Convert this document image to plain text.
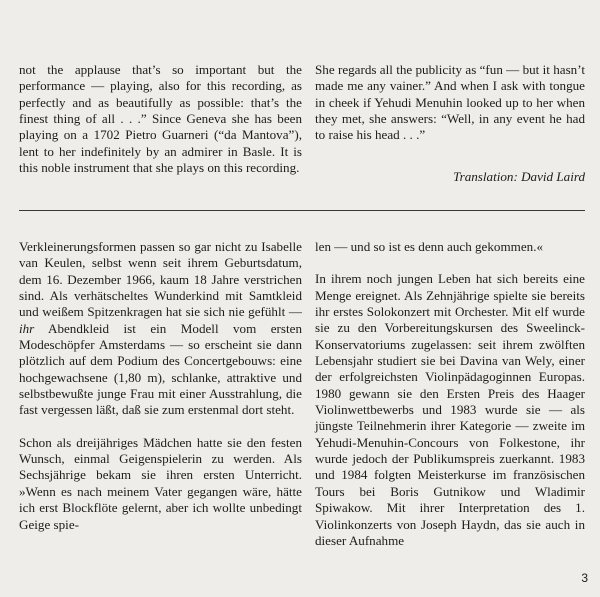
not the applause that’s so important but the performance — playing, also for this recording, as perfectly and as beautifully as possible: that’s the finest thing of all . . .” Since Geneva she has been playing on a 1702 Pietro Guarneri (“da Mantova”), lent to her indefinitely by an admirer in Basle. It is this noble instrument that she plays on this recording.

She regards all the publicity as “fun — but it hasn’t made me any vainer.” And when I ask with tongue in cheek if Yehudi Menuhin looked up to her when they met, she answers: “Well, in any event he had to raise his head . . .”

Translation: David Laird

Verkleinerungsformen passen so gar nicht zu Isabelle van Keulen, selbst wenn seit ihrem Geburtsdatum, dem 16. Dezember 1966, kaum 18 Jahre verstrichen sind. Als verhätscheltes Wunderkind mit Samtkleid und weißem Spitzenkragen hat sie sich nie gefühlt — ihr Abendkleid ist ein Modell vom ersten Modeschöpfer Amsterdams — so erscheint sie dann plötzlich auf dem Podium des Concertgebouws: eine hochgewachsene (1,80 m), schlanke, attraktive und selbstbewußte junge Frau mit einer Ausstrahlung, die fast vergessen läßt, daß sie zum erstenmal dort steht.

Schon als dreijähriges Mädchen hatte sie den festen Wunsch, einmal Geigenspielerin zu werden. Als Sechsjährige bekam sie ihren ersten Unterricht. »Wenn es nach meinem Vater gegangen wäre, hätte ich erst Blockflöte gelernt, aber ich wollte unbedingt Geige spie-

len — und so ist es denn auch gekommen.«

In ihrem noch jungen Leben hat sich bereits eine Menge ereignet. Als Zehnjährige spielte sie bereits ihr erstes Solokonzert mit Orchester. Mit elf wurde sie zu den Vorbereitungskursen des Sweelinck-Konservatoriums zugelassen: seit ihrem zwölften Lebensjahr studiert sie bei Davina van Wely, einer der erfolgreichsten Violinpädagoginnen Europas. 1980 gewann sie den Ersten Preis des Haager Violinwettbewerbs und 1983 wurde sie — als jüngste Teilnehmerin ihrer Kategorie — zweite im Yehudi-Menuhin-Concours von Folkestone, ihr wurde jedoch der Publikumspreis zuerkannt. 1983 und 1984 folgten Meisterkurse im französischen Tours bei Boris Gutnikow und Wladimir Spiwakow. Mit ihrer Interpretation des 1. Violinkonzerts von Joseph Haydn, das sie auch in dieser Aufnahme

3
